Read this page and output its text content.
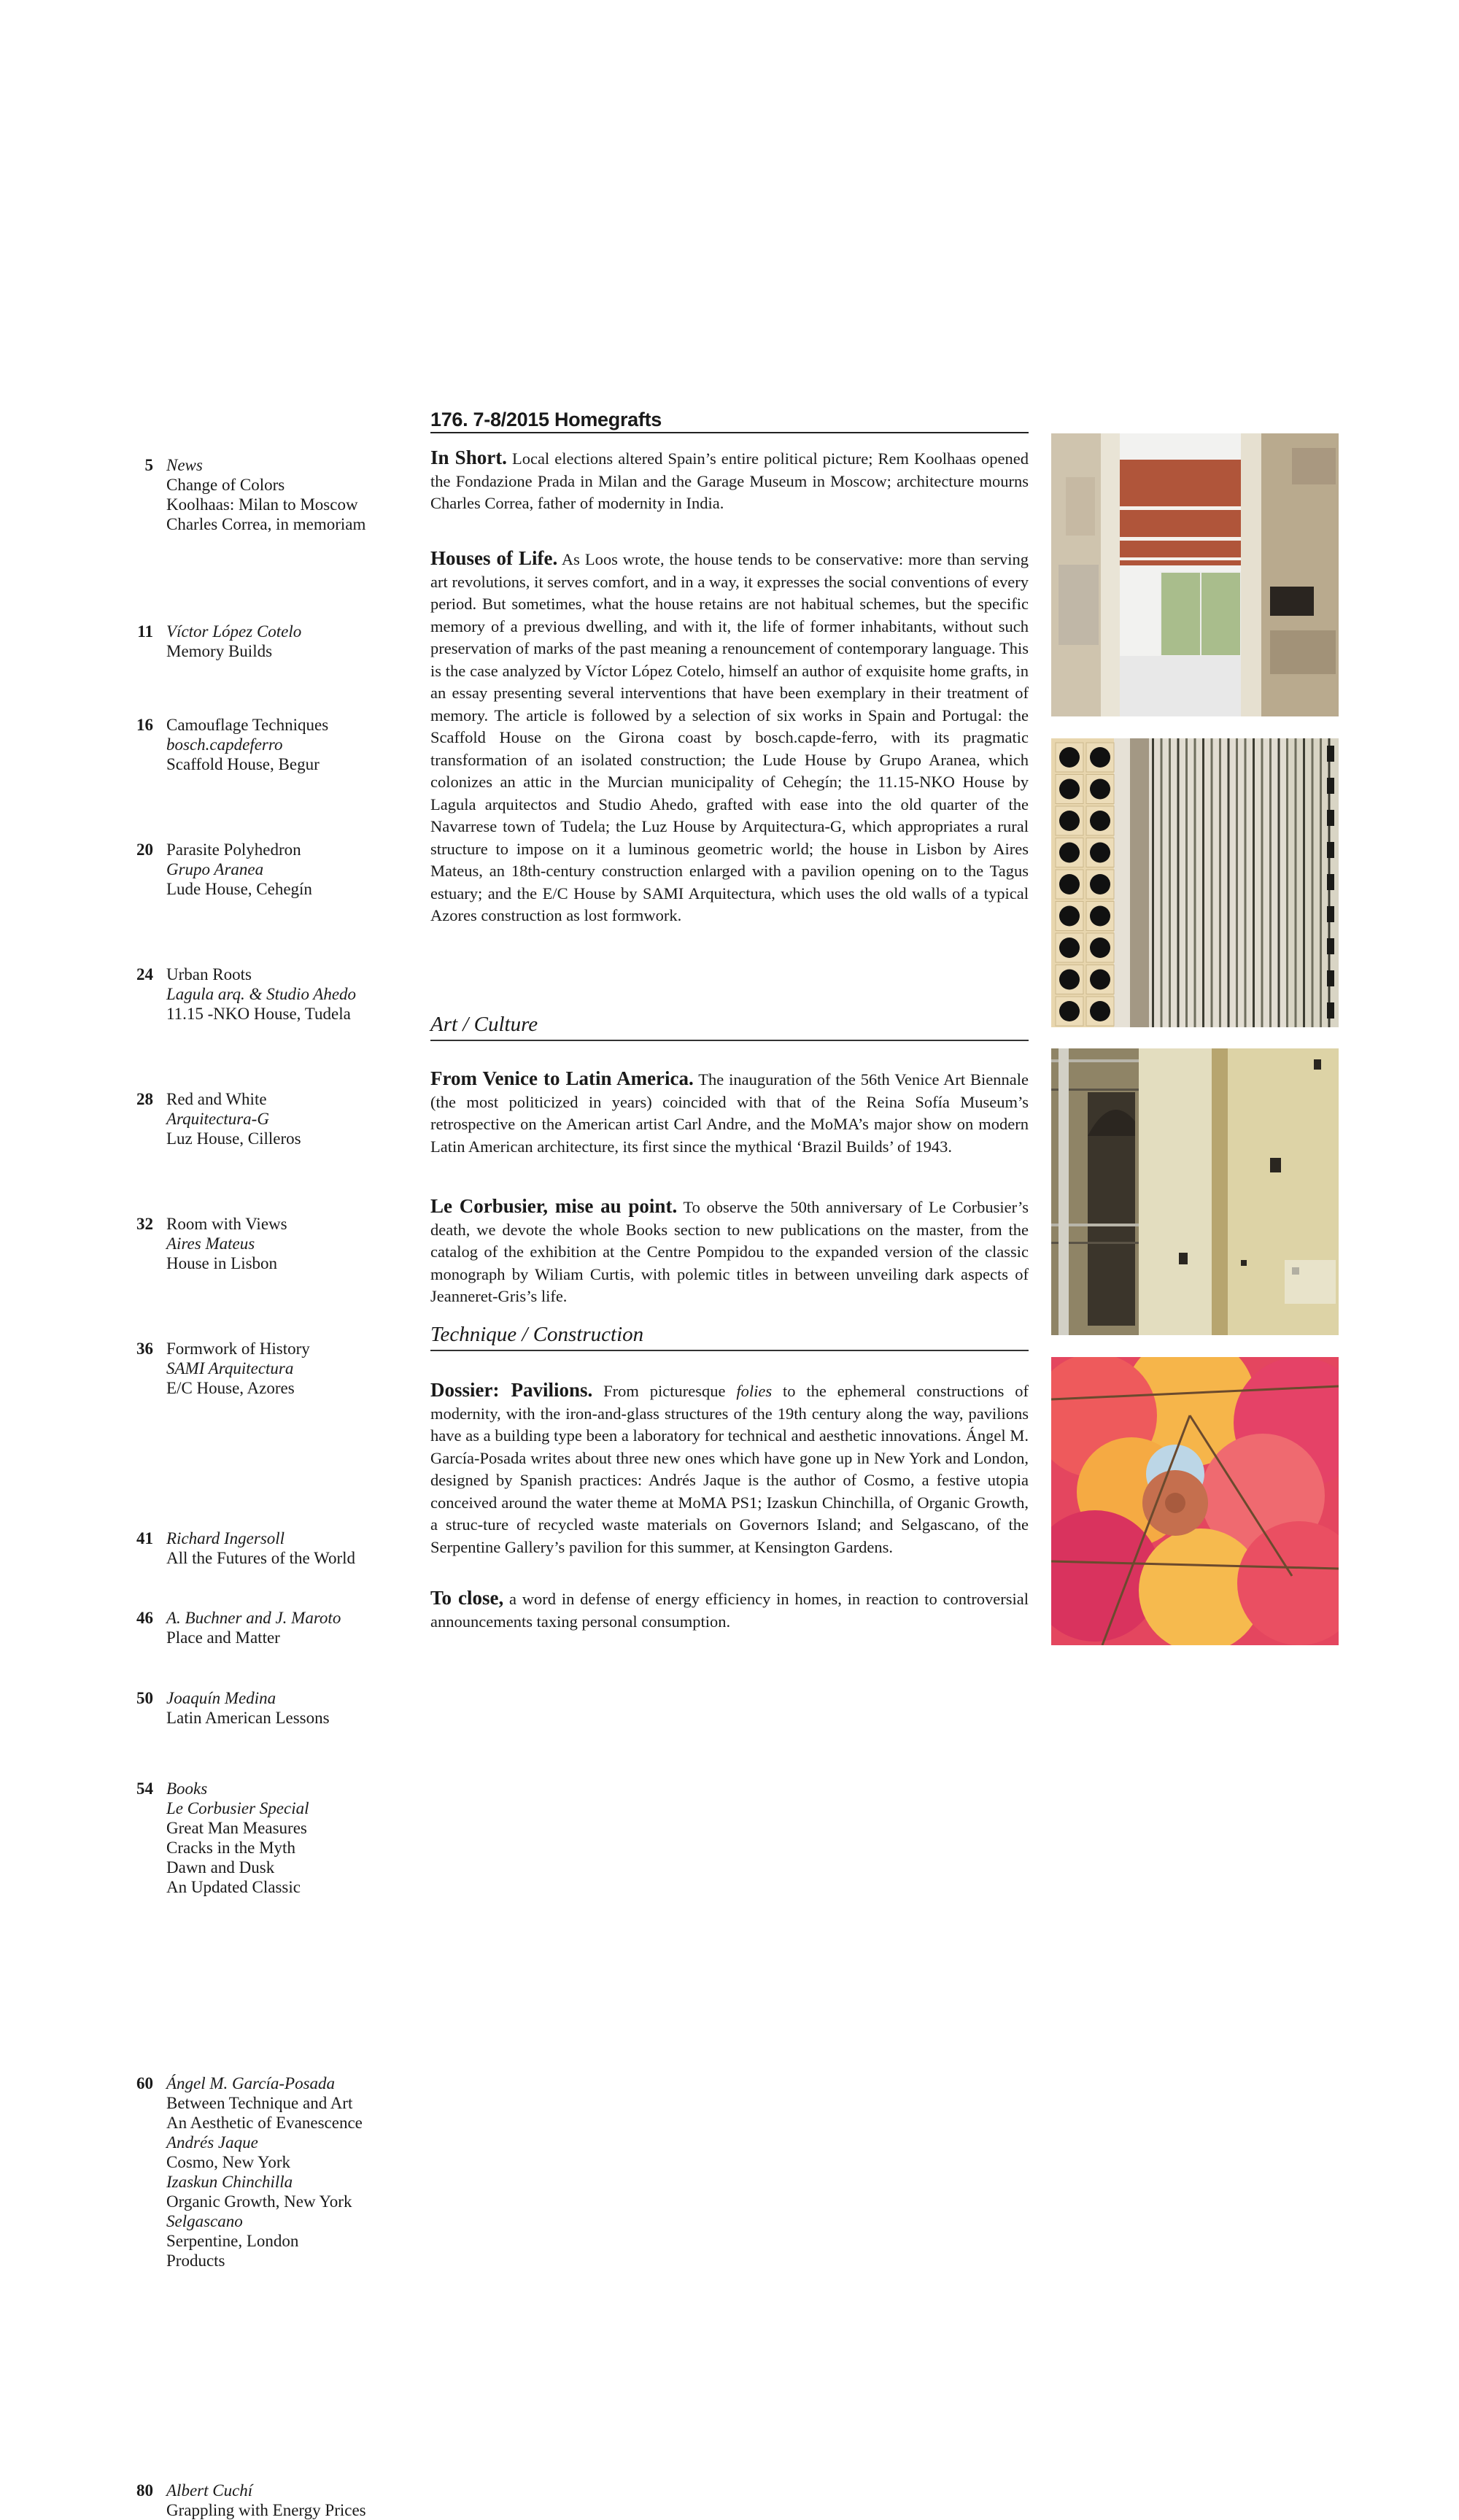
176. 7-8/2015 Homegrafts
5 News
Change of Colors
Koolhaas: Milan to Moscow
Charles Correa, in memoriam
11 Víctor López Cotelo
Memory Builds
16 Camouflage Techniques
bosch.capdeferro
Scaffold House, Begur
20 Parasite Polyhedron
Grupo Aranea
Lude House, Cehegín
24 Urban Roots
Lagula arq. & Studio Ahedo
11.15 -NKO House, Tudela
28 Red and White
Arquitectura-G
Luz House, Cilleros
32 Room with Views
Aires Mateus
House in Lisbon
36 Formwork of History
SAMI Arquitectura
E/C House, Azores
41 Richard Ingersoll
All the Futures of the World
46 A. Buchner and J. Maroto
Place and Matter
50 Joaquín Medina
Latin American Lessons
54 Books
Le Corbusier Special
Great Man Measures
Cracks in the Myth
Dawn and Dusk
An Updated Classic
60 Ángel M. García-Posada
Between Technique and Art
An Aesthetic of Evanescence
Andrés Jaque
Cosmo, New York
Izaskun Chinchilla
Organic Growth, New York
Selgascano
Serpentine, London
Products
80 Albert Cuchí
Grappling with Energy Prices

In Short. Local elections altered Spain’s entire political picture; Rem Koolhaas opened the Fondazione Prada in Milan and the Garage Museum in Moscow; architecture mourns Charles Correa, father of modernity in India.

Houses of Life. As Loos wrote, the house tends to be conservative: more than serving art revolutions, it serves comfort, and in a way, it expresses the social conventions of every period. But sometimes, what the house retains are not habitual schemes, but the specific memory of a previous dwelling, and with it, the life of former inhabitants, without such preservation of marks of the past meaning a renouncement of contemporary language. This is the case analyzed by Víctor López Cotelo, himself an author of exquisite home grafts, in an essay presenting several interventions that have been exemplary in their treatment of memory. The article is followed by a selection of six works in Spain and Portugal: the Scaffold House on the Girona coast by bosch.capde-ferro, with its pragmatic transformation of an isolated construction; the Lude House by Grupo Aranea, which colonizes an attic in the Murcian municipality of Cehegín; the 11.15-NKO House by Lagula arquitectos and Studio Ahedo, grafted with ease into the old quarter of the Navarrese town of Tudela; the Luz House by Arquitectura-G, which appropriates a rural structure to impose on it a luminous geometric world; the house in Lisbon by Aires Mateus, an 18th-century construction enlarged with a pavilion opening on to the Tagus estuary; and the E/C House by SAMI Arquitectura, which uses the old walls of a typical Azores construction as lost formwork.

Art / Culture

From Venice to Latin America. The inauguration of the 56th Venice Art Biennale (the most politicized in years) coincided with that of the Reina Sofía Museum’s retrospective on the American artist Carl Andre, and the MoMA’s major show on modern Latin American architecture, its first since the mythical ‘Brazil Builds’ of 1943.

Le Corbusier, mise au point. To observe the 50th anniversary of Le Corbusier’s death, we devote the whole Books section to new publications on the master, from the catalog of the exhibition at the Centre Pompidou to the expanded version of the classic monograph by Wiliam Curtis, with polemic titles in between unveiling dark aspects of Jeanneret-Gris’s life.

Technique / Construction

Dossier: Pavilions. From picturesque folies to the ephemeral constructions of modernity, with the iron-and-glass structures of the 19th century along the way, pavilions have as a building type been a laboratory for technical and aesthetic innovations. Ángel M. García-Posada writes about three new ones which have gone up in New York and London, designed by Spanish practices: Andrés Jaque is the author of Cosmo, a festive utopia conceived around the water theme at MoMA PS1; Izaskun Chinchilla, of Organic Growth, a struc-ture of recycled waste materials on Governors Island; and Selgascano, of the Serpentine Gallery’s pavilion for this summer, at Kensington Gardens.

To close, a word in defense of energy efficiency in homes, in reaction to controversial announcements taxing personal consumption.
